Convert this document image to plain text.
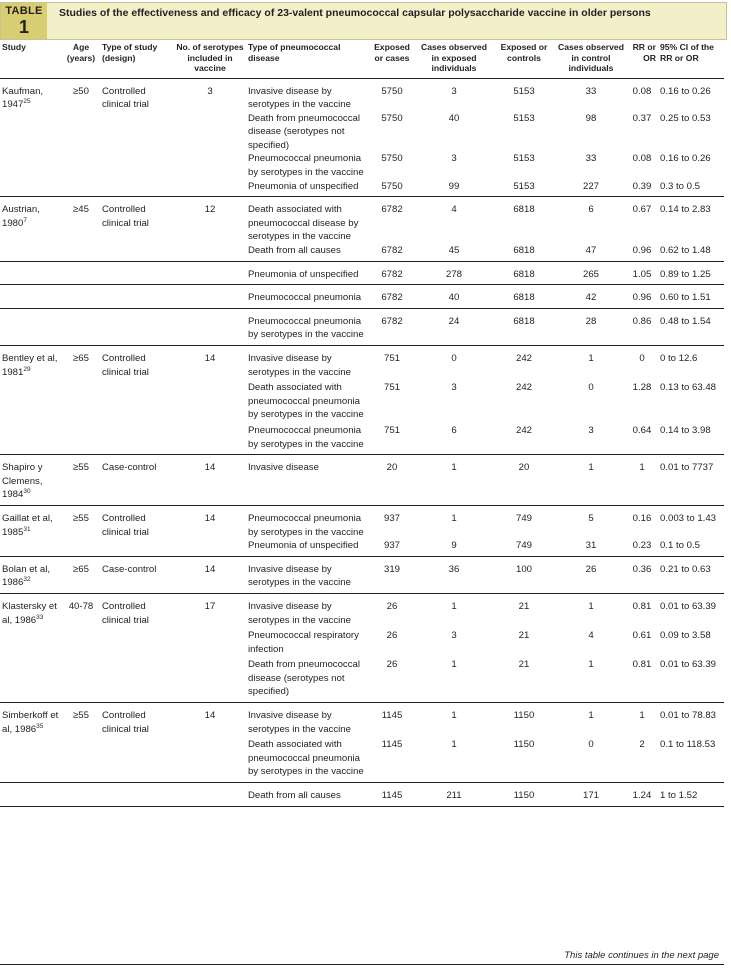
TABLE
1
Studies of the effectiveness and efficacy of 23-valent pneumococcal capsular polysaccharide vaccine in older persons
Study	Age (years)	Type of study (design)	No. of serotypes included in vaccine	Type of pneumococcal disease	Exposed or cases	Cases observed in exposed individuals	Exposed or controls	Cases observed in control individuals	RR or OR	95% CI of the RR or OR
Kaufman, $1947^{25}$	≥50	Controlled clinical trial	3	Invasive disease by serotypes in the vaccine	5750	3	5153	33	0.08	0.16 to 0.26
				Death from pneumococcal disease (serotypes not specified)	5750	40	5153	98	0.37	0.25 to 0.53
				Pneumococcal pneumonia by serotypes in the vaccine	5750	3	5153	33	0.08	0.16 to 0.26
				Pneumonia of unspecified	5750	99	5153	227	0.39	0.3 to 0.5
Austrian, $1980^7$	≥45	Controlled clinical trial	12	Death associated with pneumococcal disease by serotypes in the vaccine	6782	4	6818	6	0.67	0.14 to 2.83
				Death from all causes	6782	45	6818	47	0.96	0.62 to 1.48
				Pneumonia of unspecified	6782	278	6818	265	1.05	0.89 to 1.25
				Pneumococcal pneumonia	6782	40	6818	42	0.96	0.60 to 1.51
				Pneumococcal pneumonia by serotypes in the vaccine	6782	24	6818	28	0.86	0.48 to 1.54
Bentley et al, $1981^{29}$	≥65	Controlled clinical trial	14	Invasive disease by serotypes in the vaccine	751	0	242	1	0	0 to 12.6
				Death associated with pneumococcal pneumonia by serotypes in the vaccine	751	3	242	0	1.28	0.13 to 63.48
				Pneumococcal pneumonia by serotypes in the vaccine	751	6	242	3	0.64	0.14 to 3.98
Shapiro y Clemens, $1984^{30}$	≥55	Case-control	14	Invasive disease	20	1	20	1	1	0.01 to 7737
Gaillat et al, $1985^{31}$	≥55	Controlled clinical trial	14	Pneumococcal pneumonia by serotypes in the vaccine	937	1	749	5	0.16	0.003 to 1.43
				Pneumonia of unspecified	937	9	749	31	0.23	0.1 to 0.5
Bolan et al, $1986^{32}$	≥65	Case-control	14	Invasive disease by serotypes in the vaccine	319	36	100	26	0.36	0.21 to 0.63
Klastersky et al, 1986$^{33}$	40-78	Controlled clinical trial	17	Invasive disease by serotypes in the vaccine	26	1	21	1	0.81	0.01 to 63.39
				Pneumococcal respiratory infection	26	3	21	4	0.61	0.09 to 3.58
				Death from pneumococcal disease (serotypes not specified)	26	1	21	1	0.81	0.01 to 63.39
Simberkoff et al, $1986^{35}$	≥55	Controlled clinical trial	14	Invasive disease by serotypes in the vaccine	1145	1	1150	1	1	0.01 to 78.83
				Death associated with pneumococcal pneumonia by serotypes in the vaccine	1145	1	1150	0	2	0.1 to 118.53
				Death from all causes	1145	211	1150	171	1.24	1 to 1.52
This table continues in the next page
